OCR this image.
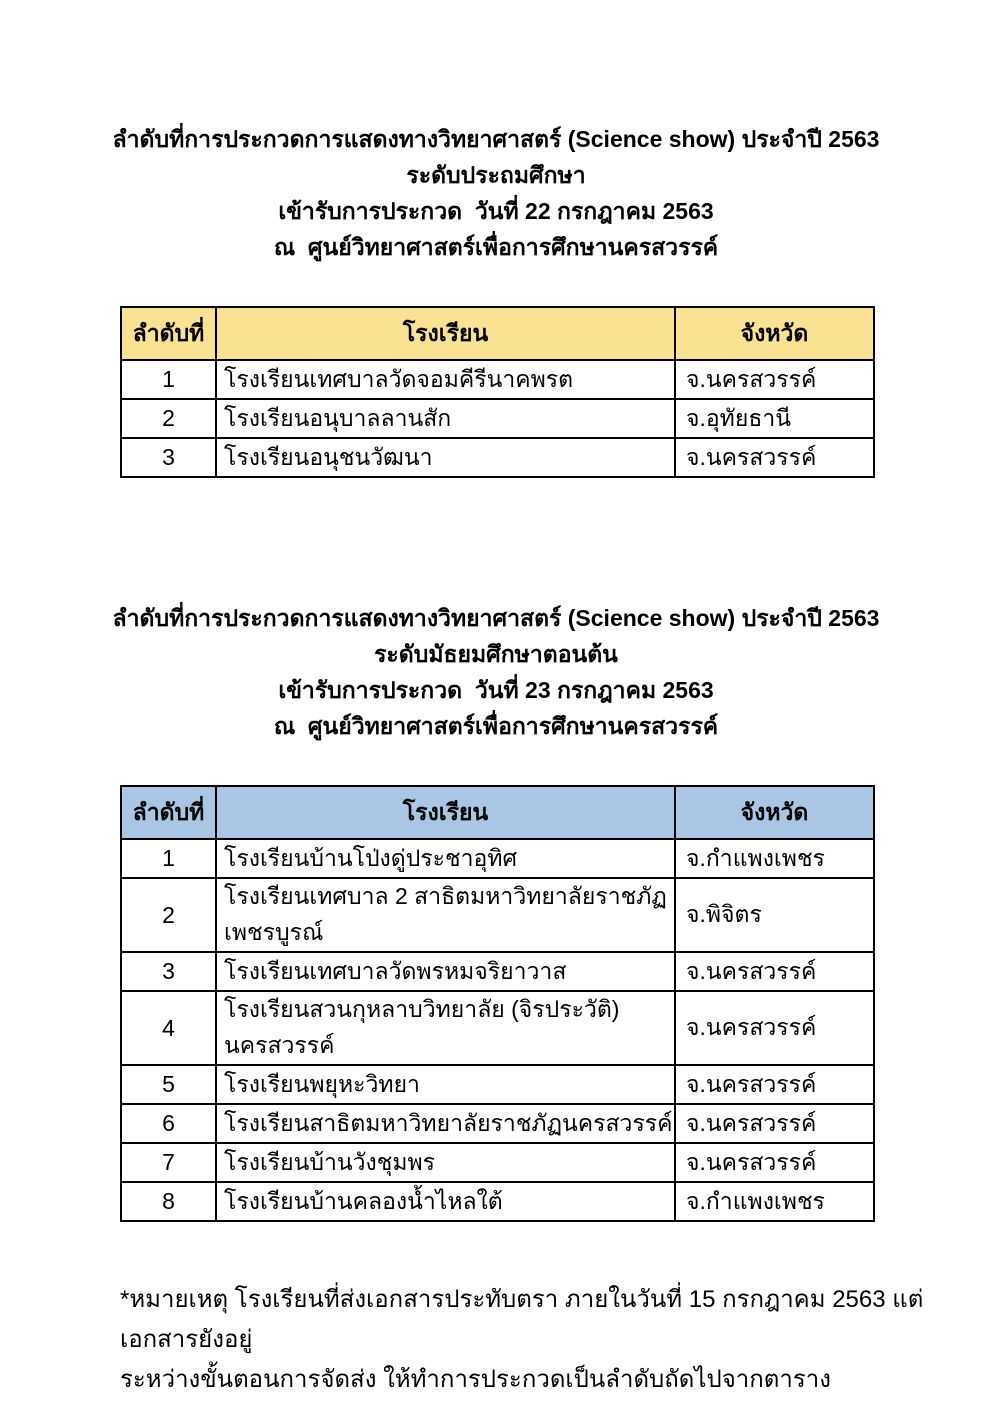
ลำดับที่การประกวดการแสดงทางวิทยาศาสตร์ (Science show) ประจำปี 2563
ระดับประถมศึกษา
เข้ารับการประกวด  วันที่ 22 กรกฎาคม 2563
ณ  ศูนย์วิทยาศาสตร์เพื่อการศึกษานครสวรรค์
ลำดับที่	โรงเรียน	จังหวัด
1	โรงเรียนเทศบาลวัดจอมคีรีนาคพรต	จ.นครสวรรค์
2	โรงเรียนอนุบาลลานสัก	จ.อุทัยธานี
3	โรงเรียนอนุชนวัฒนา	จ.นครสวรรค์
ลำดับที่การประกวดการแสดงทางวิทยาศาสตร์ (Science show) ประจำปี 2563
ระดับมัธยมศึกษาตอนต้น
เข้ารับการประกวด  วันที่ 23 กรกฎาคม 2563
ณ  ศูนย์วิทยาศาสตร์เพื่อการศึกษานครสวรรค์
ลำดับที่	โรงเรียน	จังหวัด
1	โรงเรียนบ้านโป่งดู่ประชาอุทิศ	จ.กำแพงเพชร
2	โรงเรียนเทศบาล 2 สาธิตมหาวิทยาลัยราชภัฏเพชรบูรณ์	จ.พิจิตร
3	โรงเรียนเทศบาลวัดพรหมจริยาวาส	จ.นครสวรรค์
4	โรงเรียนสวนกุหลาบวิทยาลัย (จิรประวัติ) นครสวรรค์	จ.นครสวรรค์
5	โรงเรียนพยุหะวิทยา	จ.นครสวรรค์
6	โรงเรียนสาธิตมหาวิทยาลัยราชภัฏนครสวรรค์	จ.นครสวรรค์
7	โรงเรียนบ้านวังชุมพร	จ.นครสวรรค์
8	โรงเรียนบ้านคลองน้ำไหลใต้	จ.กำแพงเพชร
*หมายเหตุ โรงเรียนที่ส่งเอกสารประทับตรา ภายในวันที่ 15 กรกฎาคม 2563 แต่เอกสารยังอยู่
ระหว่างขั้นตอนการจัดส่ง ให้ทำการประกวดเป็นลำดับถัดไปจากตาราง
